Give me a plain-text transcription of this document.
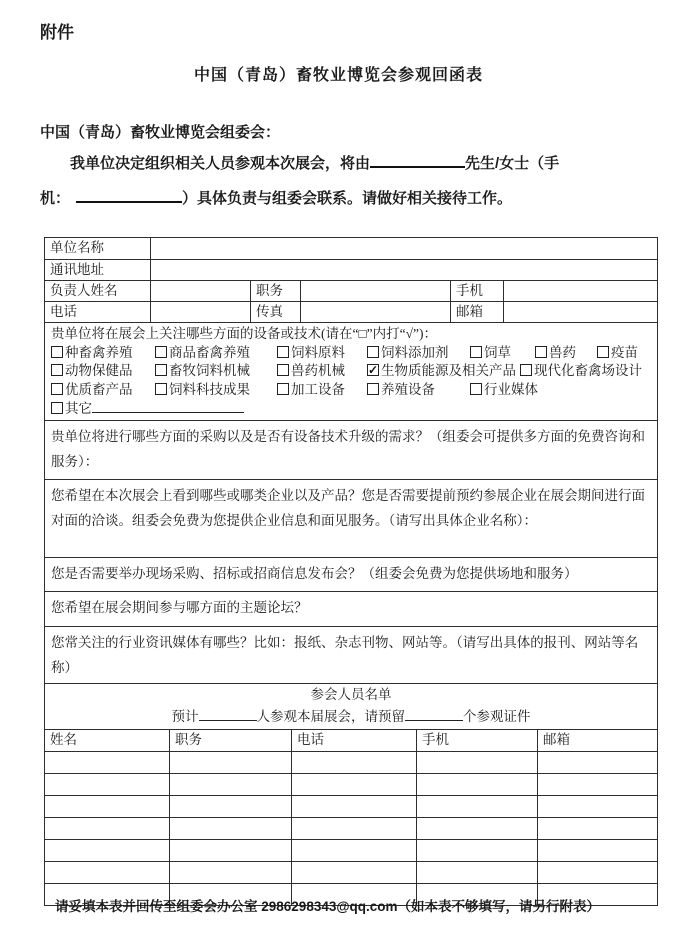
附件
中国（青岛）畜牧业博览会参观回函表
中国（青岛）畜牧业博览会组委会：
我单位决定组织相关人员参观本次展会，将由	先生/女士（手
机：	）具体负责与组委会联系。请做好相关接待工作。
单位名称
通讯地址
负责人姓名	职务	手机
电话	传真	邮箱
贵单位将在展会上关注哪些方面的设备或技术(请在“□”内打“√”)：
种畜禽养殖	商品畜禽养殖	饲料原料	饲料添加剂	饲草	兽药	疫苗
动物保健品	畜牧饲料机械	兽药机械 ✓	生物质能源及相关产品 现代化畜禽场设计
优质畜产品	饲料科技成果	加工设备	养殖设备	行业媒体
其它
贵单位将进行哪些方面的采购以及是否有设备技术升级的需求？（组委会可提供多方面的免费咨询和服务）：
您希望在本次展会上看到哪些或哪类企业以及产品？您是否需要提前预约参展企业在展会期间进行面对面的洽谈。组委会免费为您提供企业信息和面见服务。（请写出具体企业名称）：
您是否需要举办现场采购、招标或招商信息发布会？（组委会免费为您提供场地和服务）
您希望在展会期间参与哪方面的主题论坛？
您常关注的行业资讯媒体有哪些？比如：报纸、杂志刊物、网站等。（请写出具体的报刊、网站等名称）
参会人员名单
预计	人参观本届展会，请预留	个参观证件
姓名	职务	电话	手机	邮箱
请妥填本表并回传至组委会办公室 2986298343@qq.com（如本表不够填写，请另行附表）
